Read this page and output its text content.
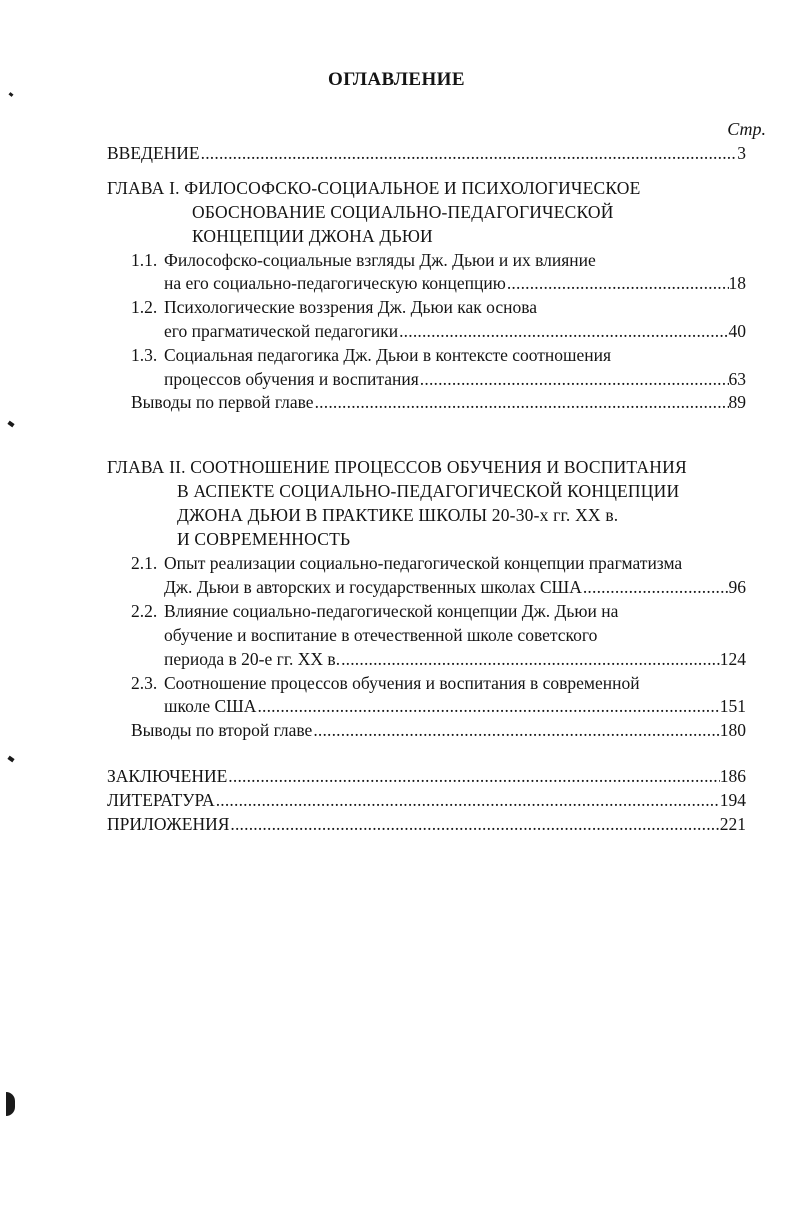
ОГЛАВЛЕНИЕ
Стр.
ВВЕДЕНИЕ .....	3
ГЛАВА I. ФИЛОСОФСКО-СОЦИАЛЬНОЕ И ПСИХОЛОГИЧЕСКОЕ
ОБОСНОВАНИЕ СОЦИАЛЬНО-ПЕДАГОГИЧЕСКОЙ
КОНЦЕПЦИИ ДЖОНА ДЬЮИ
1.1. Философско-социальные взгляды Дж. Дьюи и их влияние
на его социально-педагогическую концепцию .....	18
1.2. Психологические воззрения Дж. Дьюи как основа
его прагматической педагогики .....	40
1.3. Социальная педагогика Дж. Дьюи в контексте соотношения
процессов обучения и воспитания .....	63
Выводы по первой главе .....	89
ГЛАВА II. СООТНОШЕНИЕ ПРОЦЕССОВ ОБУЧЕНИЯ И ВОСПИТАНИЯ
В АСПЕКТЕ СОЦИАЛЬНО-ПЕДАГОГИЧЕСКОЙ КОНЦЕПЦИИ
ДЖОНА ДЬЮИ В ПРАКТИКЕ ШКОЛЫ 20-30-х гг. XX в.
И СОВРЕМЕННОСТЬ
2.1. Опыт реализации социально-педагогической концепции прагматизма
Дж. Дьюи в авторских и государственных школах США .....	96
2.2. Влияние социально-педагогической концепции Дж. Дьюи на
обучение и воспитание в отечественной школе советского
периода в 20-е гг. XX в. .....	124
2.3. Соотношение процессов обучения и воспитания в современной
школе США .....	151
Выводы по второй главе .....	180
ЗАКЛЮЧЕНИЕ .....	186
ЛИТЕРАТУРА .....	194
ПРИЛОЖЕНИЯ .....	221
